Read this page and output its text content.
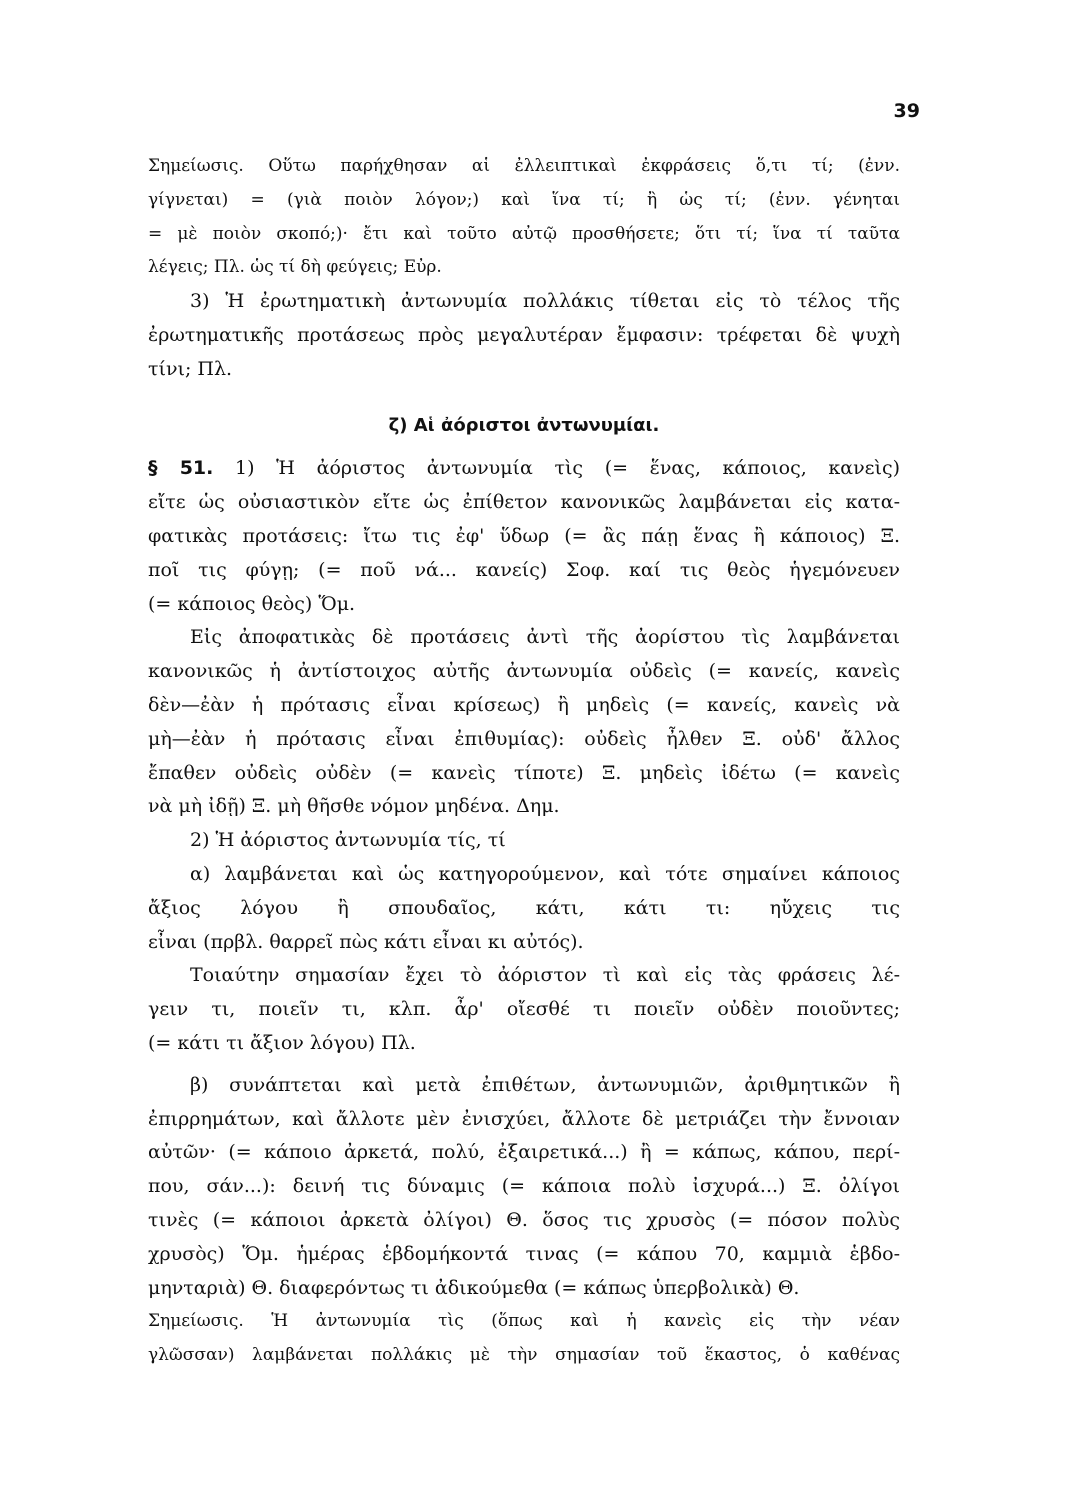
39
Σημείωσις. Οὕτω παρήχθησαν αἱ ἐλλειπτικαὶ ἐκφράσεις ὅ,τι τί; (ἐνν.
γίγνεται) = (γιὰ ποιὸν λόγον;) καὶ ἵνα τί; ἢ ὡς τί; (ἐνν. γένηται
= μὲ ποιὸν σκοπό;)· ἔτι καὶ τοῦτο αὐτῷ προσθήσετε; ὅτι τί; ἵνα τί ταῦτα
λέγεις; Πλ. ὡς τί δὴ φεύγεις; Εὐρ.
3) Ἡ ἐρωτηματικὴ ἀντωνυμία πολλάκις τίθεται εἰς τὸ τέλος τῆς
ἐρωτηματικῆς προτάσεως πρὸς μεγαλυτέραν ἔμφασιν: τρέφεται δὲ ψυχὴ
τίνι; Πλ.
ζ) Αἱ ἀόριστοι ἀντωνυμίαι.
§ 51. 1) Ἡ ἀόριστος ἀντωνυμία τὶς (= ἕνας, κάποιος, κανεὶς)
εἴτε ὡς οὐσιαστικὸν εἴτε ὡς ἐπίθετον κανονικῶς λαμβάνεται εἰς κατα-
φατικὰς προτάσεις: ἴτω τις ἐφ' ὕδωρ (= ἂς πάῃ ἕνας ἢ κάποιος) Ξ.
ποῖ τις φύγῃ; (= ποῦ νά... κανείς) Σοφ. καί τις θεὸς ἡγεμόνευεν
(= κάποιος θεὸς) Ὅμ.
Εἰς ἀποφατικὰς δὲ προτάσεις ἀντὶ τῆς ἀορίστου τὶς λαμβάνεται
κανονικῶς ἡ ἀντίστοιχος αὐτῆς ἀντωνυμία οὐδεὶς (= κανείς, κανεὶς
δὲν—ἐὰν ἡ πρότασις εἶναι κρίσεως) ἢ μηδεὶς (= κανείς, κανεὶς νὰ
μὴ—ἐὰν ἡ πρότασις εἶναι ἐπιθυμίας): οὐδεὶς ἦλθεν Ξ. οὐδ' ἄλλος
ἔπαθεν οὐδεὶς οὐδὲν (= κανεὶς τίποτε) Ξ. μηδεὶς ἰδέτω (= κανεὶς
νὰ μὴ ἰδῇ) Ξ. μὴ θῆσθε νόμον μηδένα. Δημ.
2) Ἡ ἀόριστος ἀντωνυμία τίς, τί
α) λαμβάνεται καὶ ὡς κατηγορούμενον, καὶ τότε σημαίνει κάποιος
ἄξιος λόγου ἢ σπουδαῖος, κάτι, κάτι τι: ηὔχεις τις
εἶναι (πρβλ. θαρρεῖ πὼς κάτι εἶναι κι αὐτός).
Τοιαύτην σημασίαν ἔχει τὸ ἀόριστον τὶ καὶ εἰς τὰς φράσεις λέ-
γειν τι, ποιεῖν τι, κλπ. ἆρ' οἴεσθέ τι ποιεῖν οὐδὲν ποιοῦντες;
(= κάτι τι ἄξιον λόγου) Πλ.
β) συνάπτεται καὶ μετὰ ἐπιθέτων, ἀντωνυμιῶν, ἀριθμητικῶν ἢ
ἐπιρρημάτων, καὶ ἄλλοτε μὲν ἐνισχύει, ἄλλοτε δὲ μετριάζει τὴν ἔννοιαν
αὐτῶν· (= κάποιο ἀρκετά, πολύ, ἐξαιρετικά...) ἢ = κάπως, κάπου, περί-
που, σάν...): δεινή τις δύναμις (= κάποια πολὺ ἰσχυρά...) Ξ. ὀλίγοι
τινὲς (= κάποιοι ἀρκετὰ ὀλίγοι) Θ. ὅσος τις χρυσὸς (= πόσον πολὺς
χρυσὸς) Ὅμ. ἡμέρας ἑβδομήκοντά τινας (= κάπου 70, καμμιὰ ἑβδο-
μηνταριὰ) Θ. διαφερόντως τι ἀδικούμεθα (= κάπως ὑπερβολικὰ) Θ.
Σημείωσις. Ἡ ἀντωνυμία τὶς (ὅπως καὶ ἡ κανεὶς εἰς τὴν νέαν
γλῶσσαν) λαμβάνεται πολλάκις μὲ τὴν σημασίαν τοῦ ἕκαστος, ὁ καθένας
